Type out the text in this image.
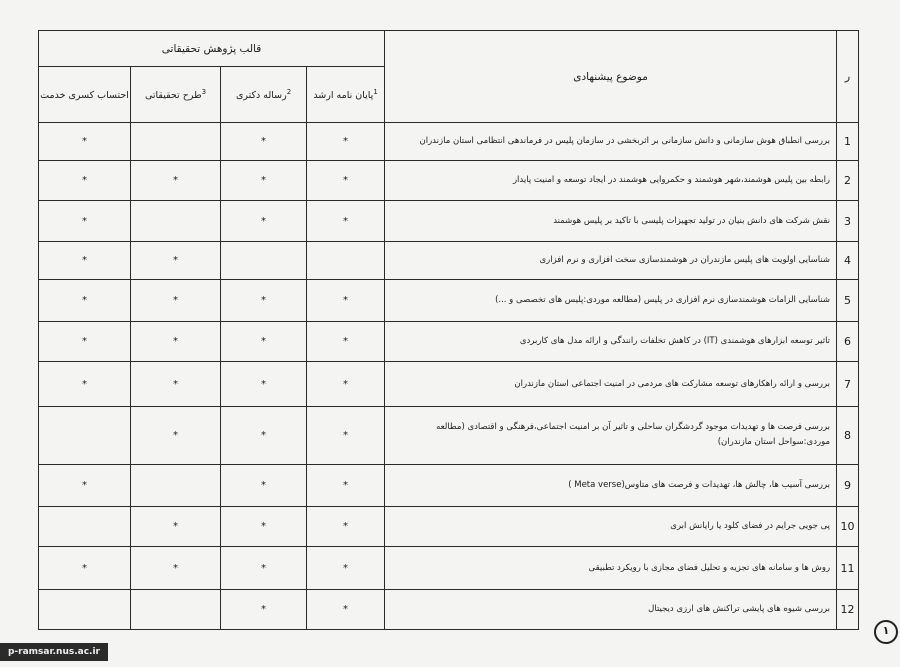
ر	موضوع پیشنهادی	قالب پژوهش تحقیقاتی			
		$^1$پایان نامه ارشد	$^2$رساله دکتری	$^3$طرح تحقیقاتی	احتساب کسری خدمت
1	بررسی انطباق هوش سازمانی و دانش سازمانی بر اثربخشی در سازمان پلیس در فرماندهی انتظامی استان مازندران	*	*		*
2	رابطه بین پلیس هوشمند،شهر هوشمند و حکمروایی هوشمند در ایجاد توسعه و امنیت پایدار	*	*	*	*
3	نقش شرکت های دانش بنیان در تولید تجهیزات پلیسی با تاکید بر پلیس هوشمند	*	*		*
4	شناسایی اولویت های پلیس مازندران در هوشمندسازی سخت افزاری و نرم افزاری			*	*
5	شناسایی الزامات هوشمندسازی نرم افزاری در پلیس (مطالعه موردی:پلیس های تخصصی و ...)	*	*	*	*
6	تاثیر توسعه ابزارهای هوشمندی (IT) در کاهش تخلفات رانندگی و ارائه مدل های کاربردی	*	*	*	*
7	بررسی و ارائه راهکارهای توسعه مشارکت های مردمی در امنیت اجتماعی استان مازندران	*	*	*	*
8	بررسی فرصت ها و تهدیدات موجود گردشگران ساحلی و تاثیر آن بر امنیت اجتماعی،فرهنگی و اقتصادی (مطالعه موردی:سواحل استان مازندران)	*	*	*	
9	بررسی آسیب ها، چالش ها، تهدیدات و فرصت های متاوس(Meta verse )	*	*		*
10	پی جویی جرایم در فضای کلود یا رایانش ابری	*	*	*	
11	روش ها و سامانه های تجزیه و تحلیل فضای مجازی با رویکرد تطبیقی	*	*	*	*
12	بررسی شیوه های پایشی تراکنش های ارزی دیجیتال	*	*		
p-ramsar.nus.ac.ir
۱
